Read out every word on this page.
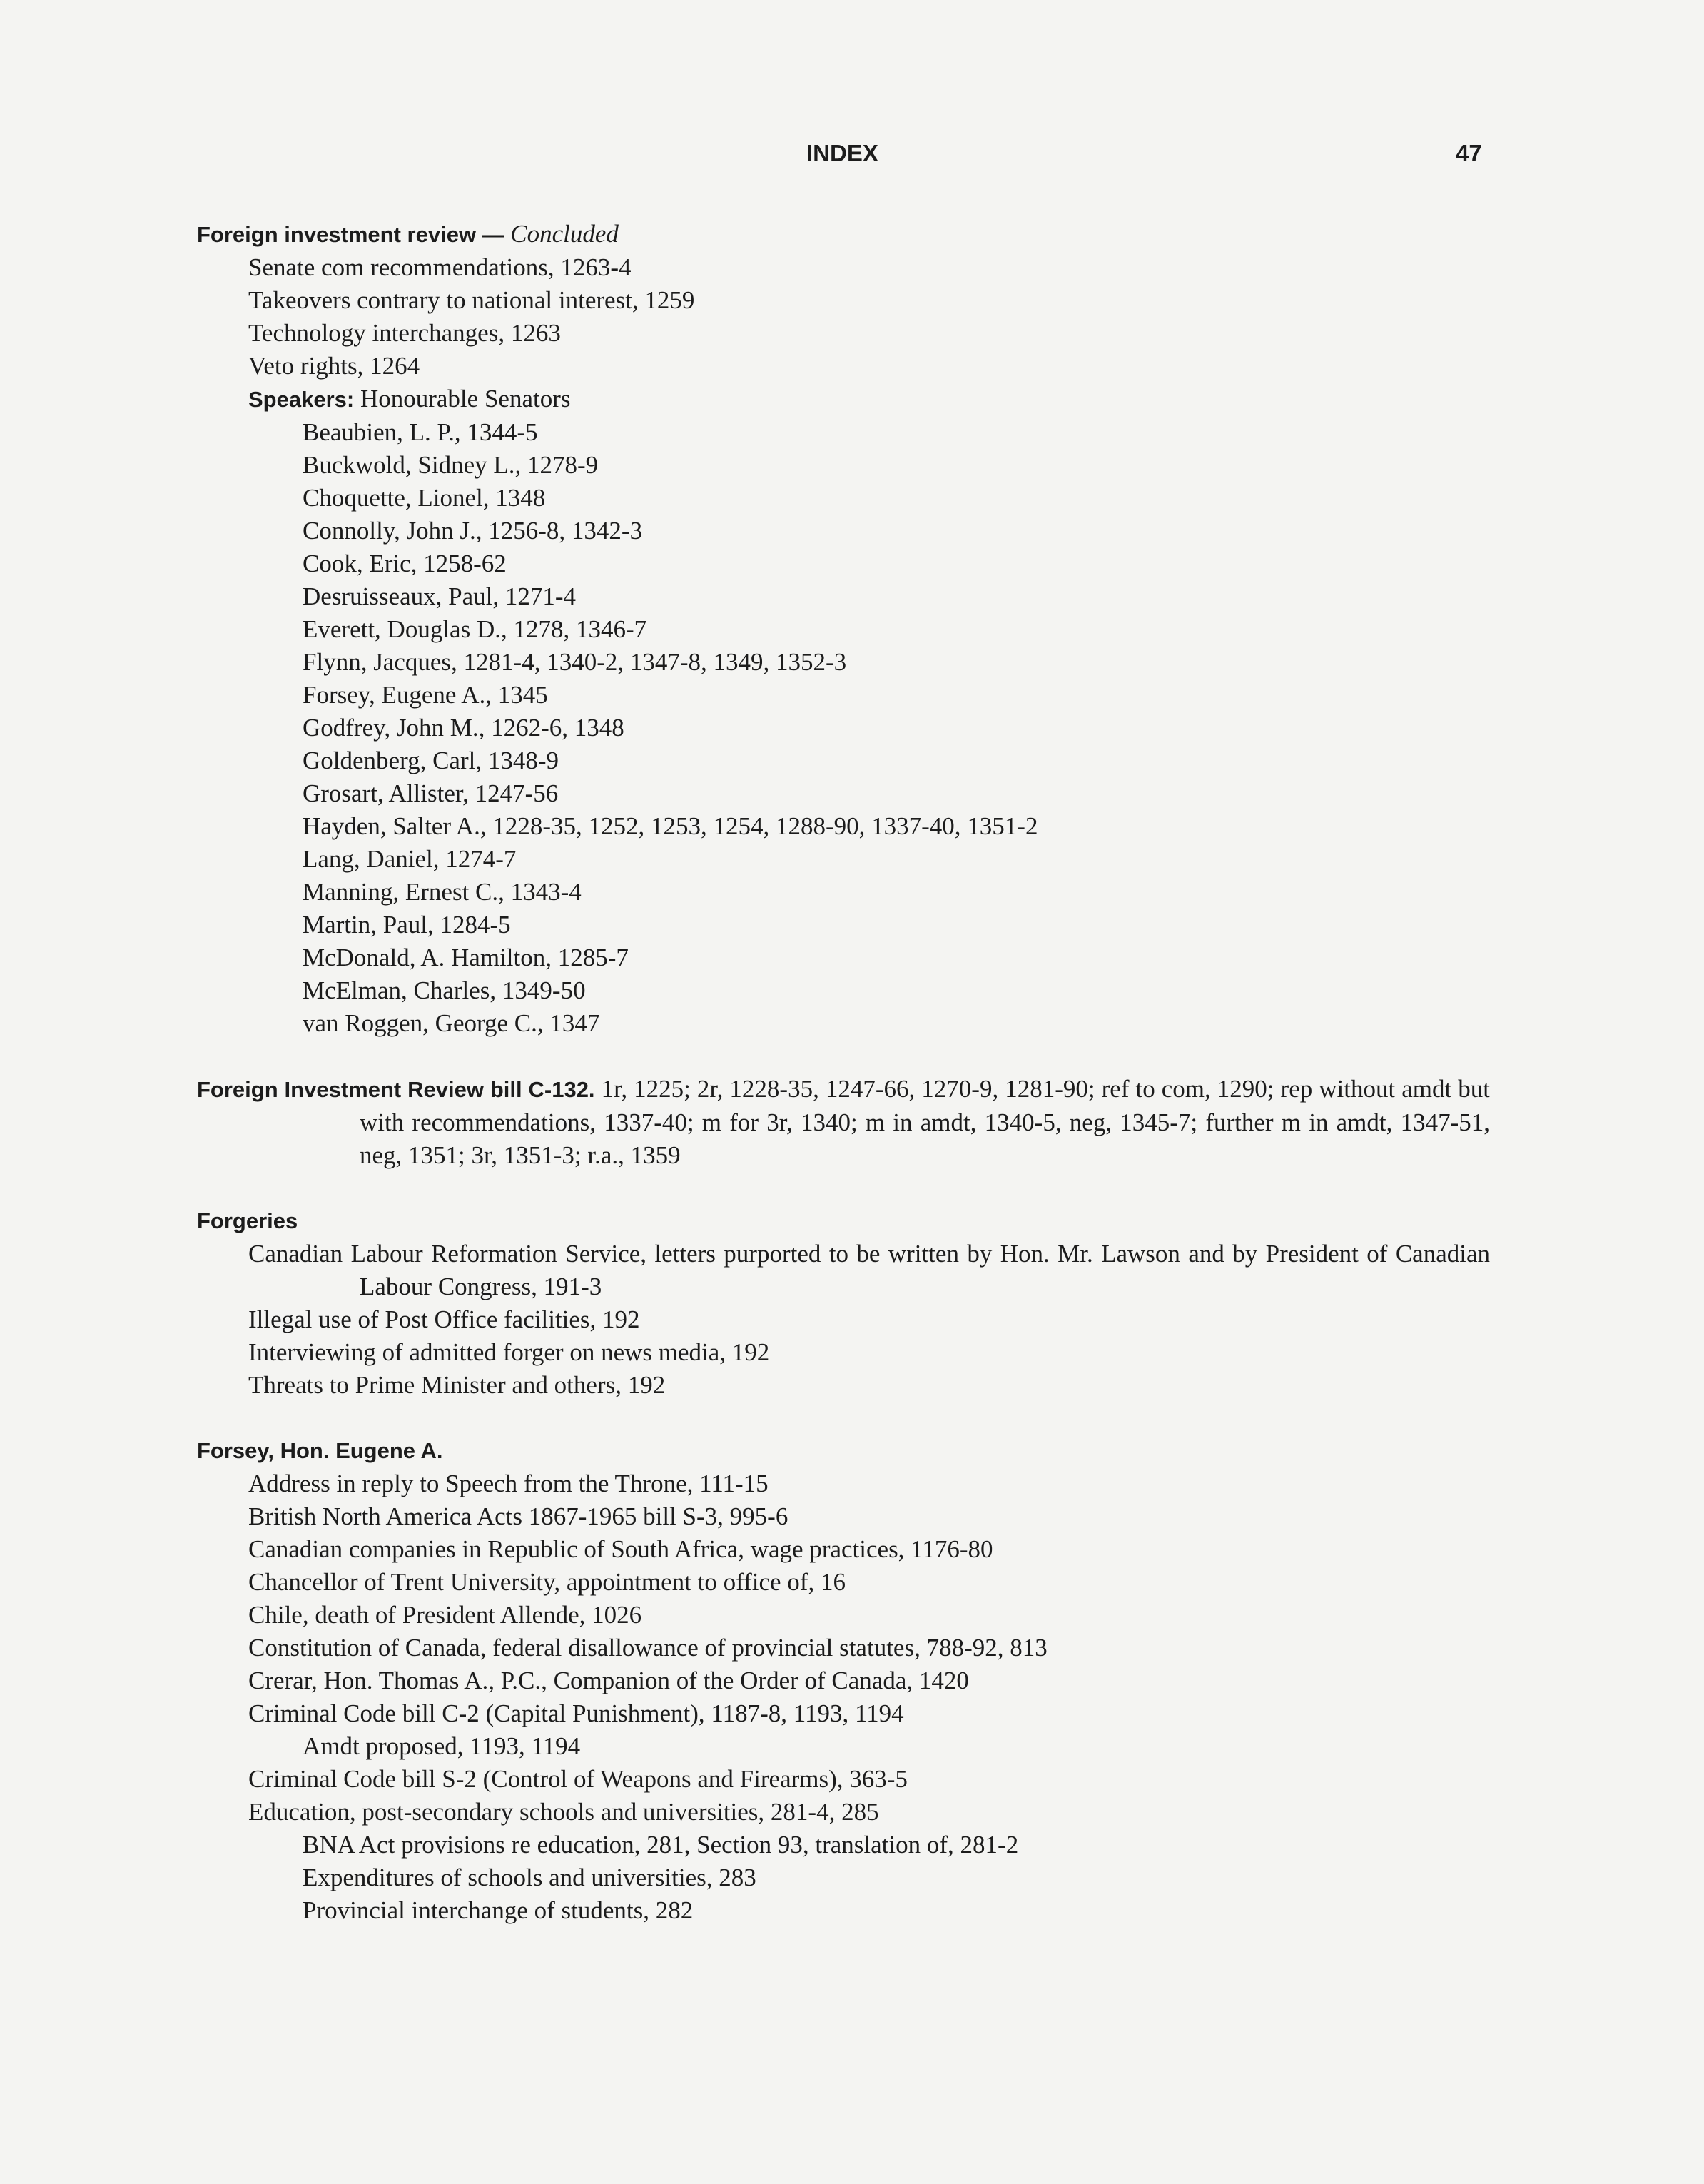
INDEX	47
Foreign investment review — Concluded
Senate com recommendations, 1263-4
Takeovers contrary to national interest, 1259
Technology interchanges, 1263
Veto rights, 1264
Speakers: Honourable Senators
Beaubien, L. P., 1344-5
Buckwold, Sidney L., 1278-9
Choquette, Lionel, 1348
Connolly, John J., 1256-8, 1342-3
Cook, Eric, 1258-62
Desruisseaux, Paul, 1271-4
Everett, Douglas D., 1278, 1346-7
Flynn, Jacques, 1281-4, 1340-2, 1347-8, 1349, 1352-3
Forsey, Eugene A., 1345
Godfrey, John M., 1262-6, 1348
Goldenberg, Carl, 1348-9
Grosart, Allister, 1247-56
Hayden, Salter A., 1228-35, 1252, 1253, 1254, 1288-90, 1337-40, 1351-2
Lang, Daniel, 1274-7
Manning, Ernest C., 1343-4
Martin, Paul, 1284-5
McDonald, A. Hamilton, 1285-7
McElman, Charles, 1349-50
van Roggen, George C., 1347
Foreign Investment Review bill C-132. 1r, 1225; 2r, 1228-35, 1247-66, 1270-9, 1281-90; ref to com, 1290; rep without amdt but with recommendations, 1337-40; m for 3r, 1340; m in amdt, 1340-5, neg, 1345-7; further m in amdt, 1347-51, neg, 1351; 3r, 1351-3; r.a., 1359
Forgeries
Canadian Labour Reformation Service, letters purported to be written by Hon. Mr. Lawson and by President of Canadian Labour Congress, 191-3
Illegal use of Post Office facilities, 192
Interviewing of admitted forger on news media, 192
Threats to Prime Minister and others, 192
Forsey, Hon. Eugene A.
Address in reply to Speech from the Throne, 111-15
British North America Acts 1867-1965 bill S-3, 995-6
Canadian companies in Republic of South Africa, wage practices, 1176-80
Chancellor of Trent University, appointment to office of, 16
Chile, death of President Allende, 1026
Constitution of Canada, federal disallowance of provincial statutes, 788-92, 813
Crerar, Hon. Thomas A., P.C., Companion of the Order of Canada, 1420
Criminal Code bill C-2 (Capital Punishment), 1187-8, 1193, 1194
Amdt proposed, 1193, 1194
Criminal Code bill S-2 (Control of Weapons and Firearms), 363-5
Education, post-secondary schools and universities, 281-4, 285
BNA Act provisions re education, 281, Section 93, translation of, 281-2
Expenditures of schools and universities, 283
Provincial interchange of students, 282
